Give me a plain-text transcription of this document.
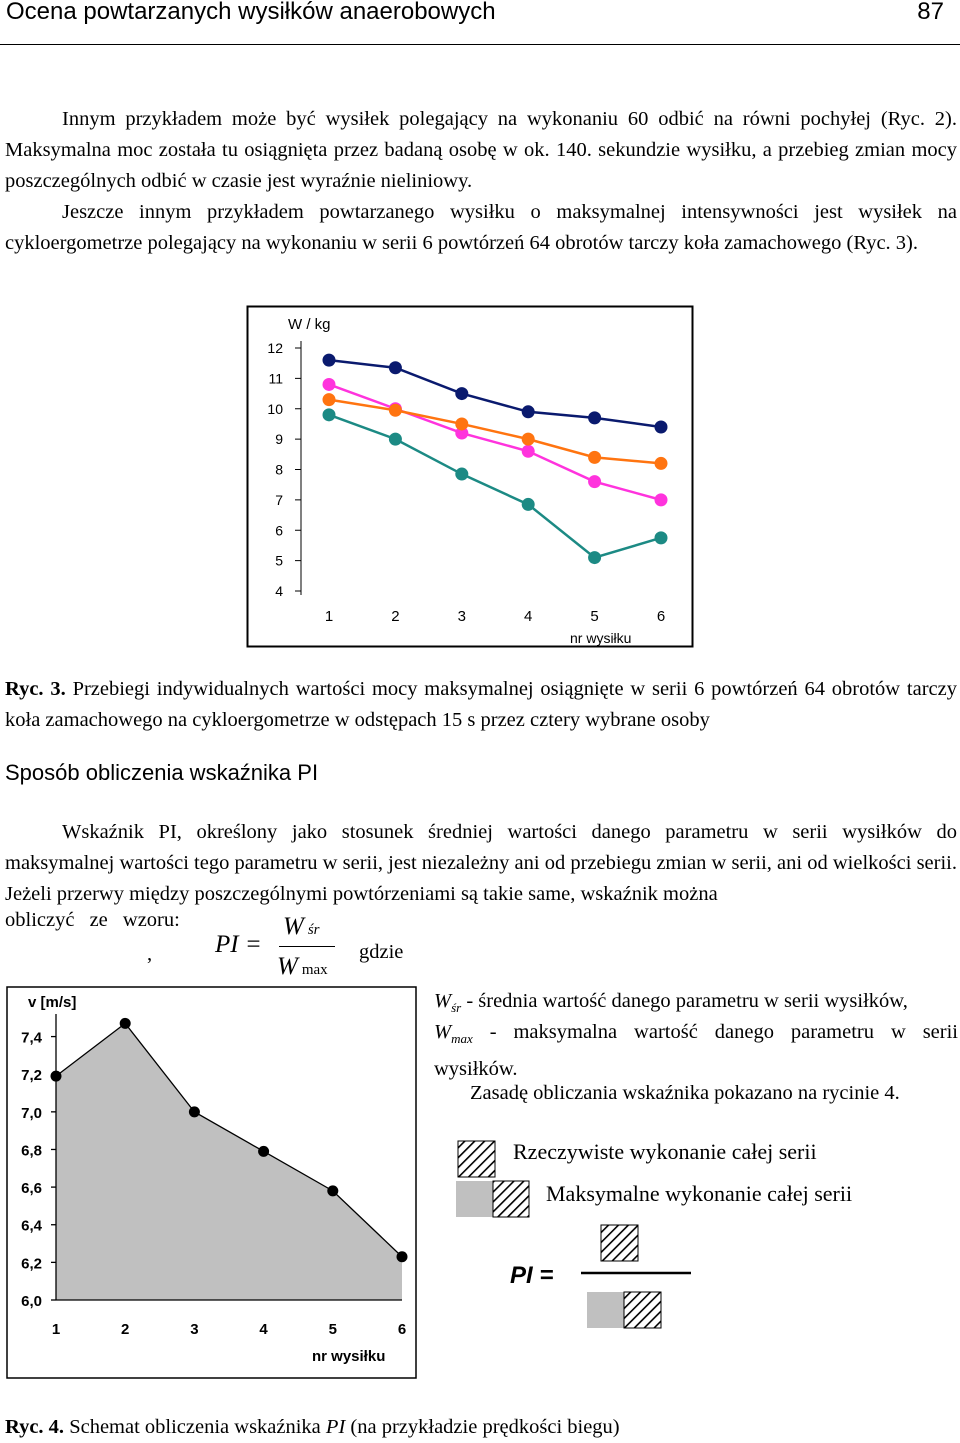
Ocena powtarzanych wysiłków anaerobowych	87
Innym przykładem może być wysiłek polegający na wykonaniu 60 odbić na równi pochyłej (Ryc. 2). Maksymalna moc została tu osiągnięta przez badaną osobę w ok. 140. sekundzie wysiłku, a przebieg zmian mocy poszczególnych odbić w czasie jest wyraźnie nieliniowy.
Jeszcze innym przykładem powtarzanego wysiłku o maksymalnej intensywności jest wysiłek na cykloergometrze polegający na wykonaniu w serii 6 powtórzeń 64 obrotów tarczy koła zamachowego (Ryc. 3).
W / kg
nr wysiłku
12
11
10
9
8
7
6
5
4
1	2	3	4	5	6
Ryc. 3. Przebiegi indywidualnych wartości mocy maksymalnej osiągnięte w serii 6 powtórzeń 64 obrotów tarczy koła zamachowego na cykloergometrze w odstępach 15 s przez cztery wybrane osoby
Sposób obliczenia wskaźnika PI
Wskaźnik PI, określony jako stosunek średniej wartości danego parametru w serii wysiłków do maksymalnej wartości tego parametru w serii, jest niezależny ani od przebiegu zmian w serii, ani od wielkości serii. Jeżeli przerwy między poszczególnymi powtórzeniami są takie same, wskaźnik można
obliczyć ze wzoru:
,	PI =
Wśr
Wmax
gdzie
v [m/s]
nr wysiłku
7,4
7,2
7,0
6,8
6,6
6,4
6,2
6,0
1	2	3	4	5	6
$W_{śr}$ - średnia wartość danego parametru w serii wysiłków,
$W_{max}$ - maksymalna wartość danego parametru w serii wysiłków.
Zasadę obliczania wskaźnika pokazano na rycinie 4.
Rzeczywiste wykonanie całej serii
Maksymalne wykonanie całej serii
PI =
Ryc. 4. Schemat obliczenia wskaźnika PI (na przykładzie prędkości biegu)
